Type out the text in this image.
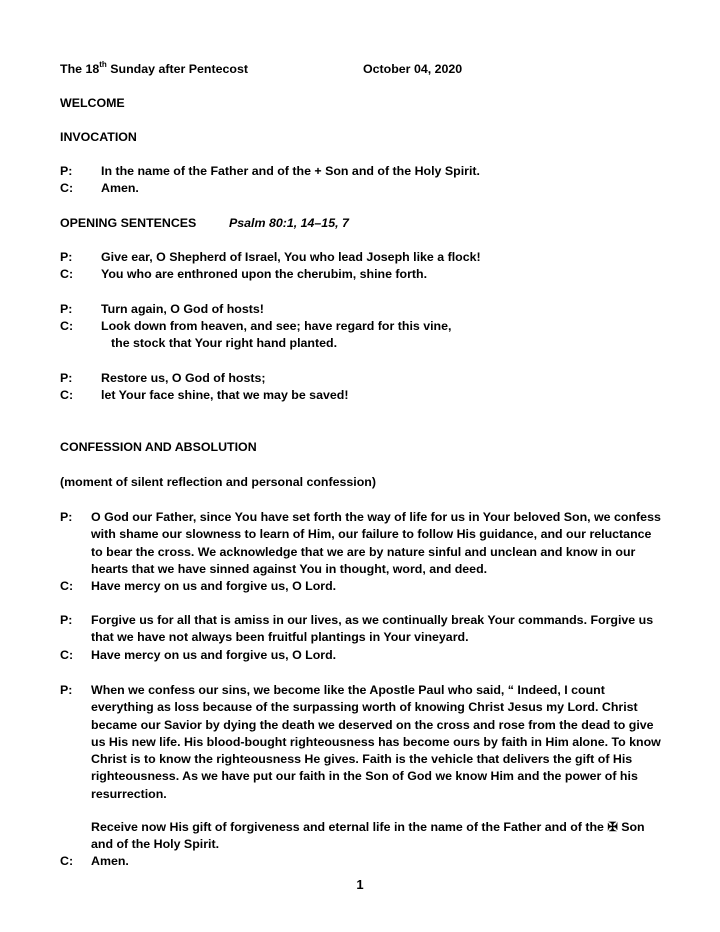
The 18th Sunday after Pentecost	October 04, 2020
WELCOME
INVOCATION
P: In the name of the Father and of the + Son and of the Holy Spirit.
C: Amen.
OPENING SENTENCES	Psalm 80:1, 14–15, 7
P: Give ear, O Shepherd of Israel, You who lead Joseph like a flock!
C: You who are enthroned upon the cherubim, shine forth.
P: Turn again, O God of hosts!
C: Look down from heaven, and see; have regard for this vine,
the stock that Your right hand planted.
P: Restore us, O God of hosts;
C: let Your face shine, that we may be saved!
CONFESSION AND ABSOLUTION
(moment of silent reflection and personal confession)
P: O God our Father, since You have set forth the way of life for us in Your beloved Son, we confess with shame our slowness to learn of Him, our failure to follow His guidance, and our reluctance to bear the cross. We acknowledge that we are by nature sinful and unclean and know in our hearts that we have sinned against You in thought, word, and deed.
C: Have mercy on us and forgive us, O Lord.
P: Forgive us for all that is amiss in our lives, as we continually break Your commands. Forgive us that we have not always been fruitful plantings in Your vineyard.
C: Have mercy on us and forgive us, O Lord.
P: When we confess our sins, we become like the Apostle Paul who said, “ Indeed, I count everything as loss because of the surpassing worth of knowing Christ Jesus my Lord. Christ became our Savior by dying the death we deserved on the cross and rose from the dead to give us His new life. His blood-bought righteousness has become ours by faith in Him alone. To know Christ is to know the righteousness He gives. Faith is the vehicle that delivers the gift of His righteousness. As we have put our faith in the Son of God we know Him and the power of his resurrection.
Receive now His gift of forgiveness and eternal life in the name of the Father and of the ✠ Son and of the Holy Spirit.
C: Amen.
1
